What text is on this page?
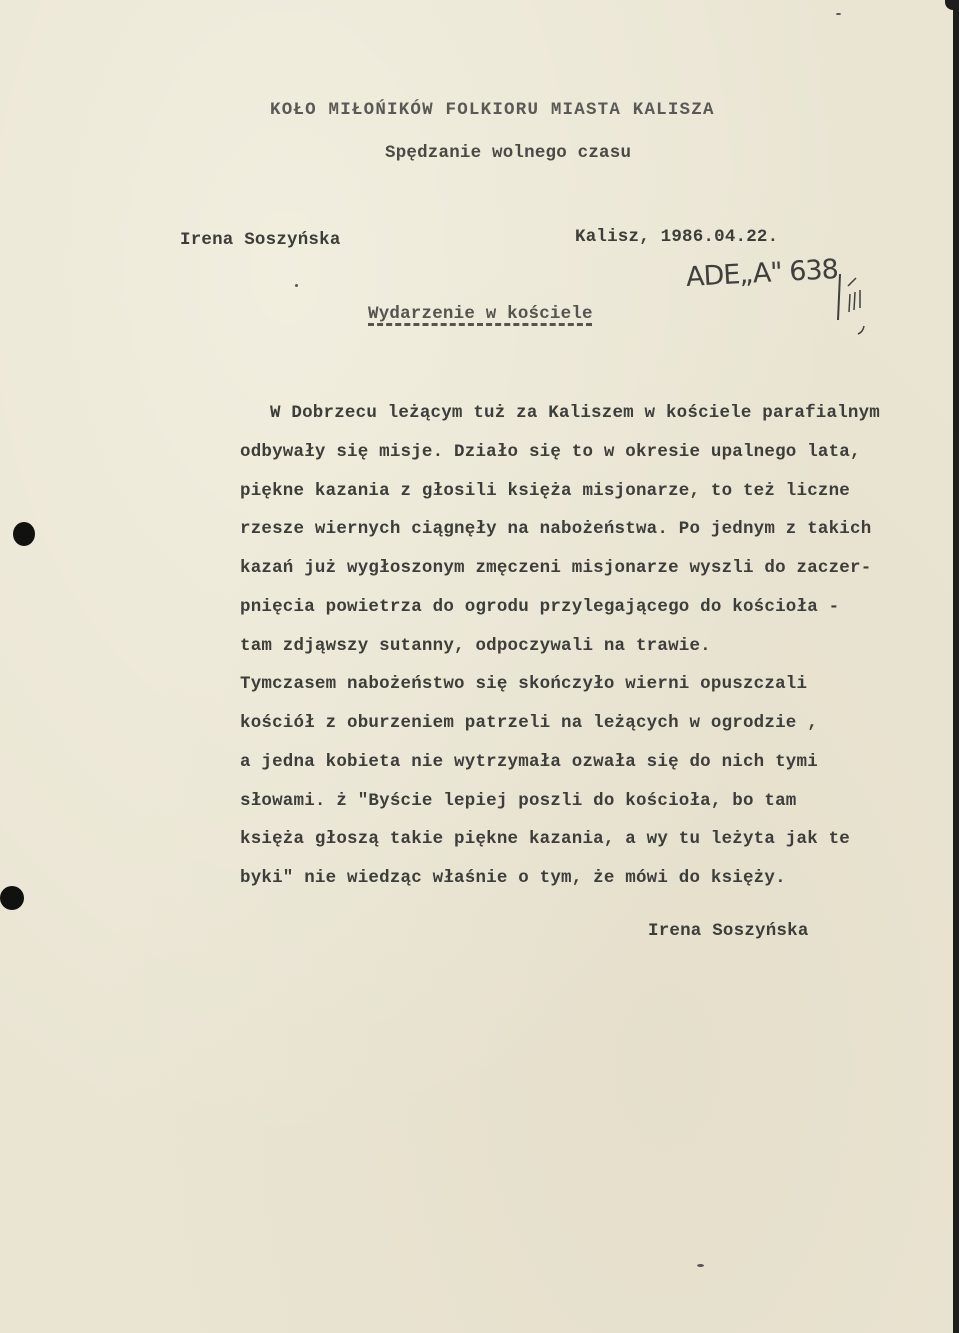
KOŁO MIŁOŃIKÓW FOLKIORU MIASTA KALISZA
Spędzanie wolnego czasu
Irena Soszyńska	Kalisz, 1986.04.22.
ADE„A" 638
Wydarzenie w kościele
W Dobrzecu leżącym tuż za Kaliszem w kościele parafialnym
odbywały się misje. Działo się to w okresie upalnego lata,
piękne kazania z głosili księża misjonarze, to też liczne
rzesze wiernych ciągnęły na nabożeństwa. Po jednym z takich
kazań już wygłoszonym zmęczeni misjonarze wyszli do zaczer-
pnięcia powietrza do ogrodu przylegającego do kościoła -
tam zdjąwszy sutanny, odpoczywali na trawie.
Tymczasem nabożeństwo się skończyło wierni opuszczali
kościół z oburzeniem patrzeli na leżących w ogrodzie ,
a jedna kobieta nie wytrzymała ozwała się do nich tymi
słowami. ż "Byście lepiej poszli do kościoła, bo tam
księża głoszą takie piękne kazania, a wy tu leżyta jak te
byki" nie wiedząc właśnie o tym, że mówi do księży.
Irena Soszyńska
